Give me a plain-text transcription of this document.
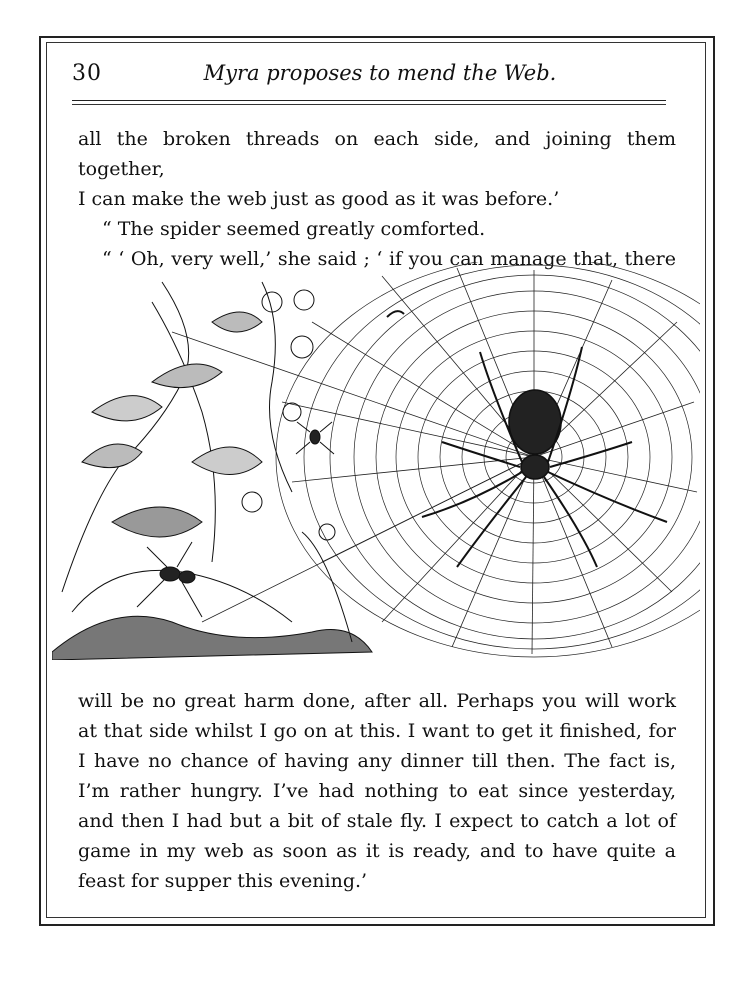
30	Myra proposes to mend the Web.

all the broken threads on each side, and joining them together,

I can make the web just as good as it was before.’

“ The spider seemed greatly comforted.

“ ‘ Oh, very well,’ she said ; ‘ if you can manage that, there

will be no great harm done, after all. Perhaps you will work at that side whilst I go on at this. I want to get it finished, for I have no chance of having any dinner till then. The fact is, I’m rather hungry. I’ve had nothing to eat since yesterday, and then I had but a bit of stale fly. I expect to catch a lot of game in my web as soon as it is ready, and to have quite a feast for supper this evening.’
